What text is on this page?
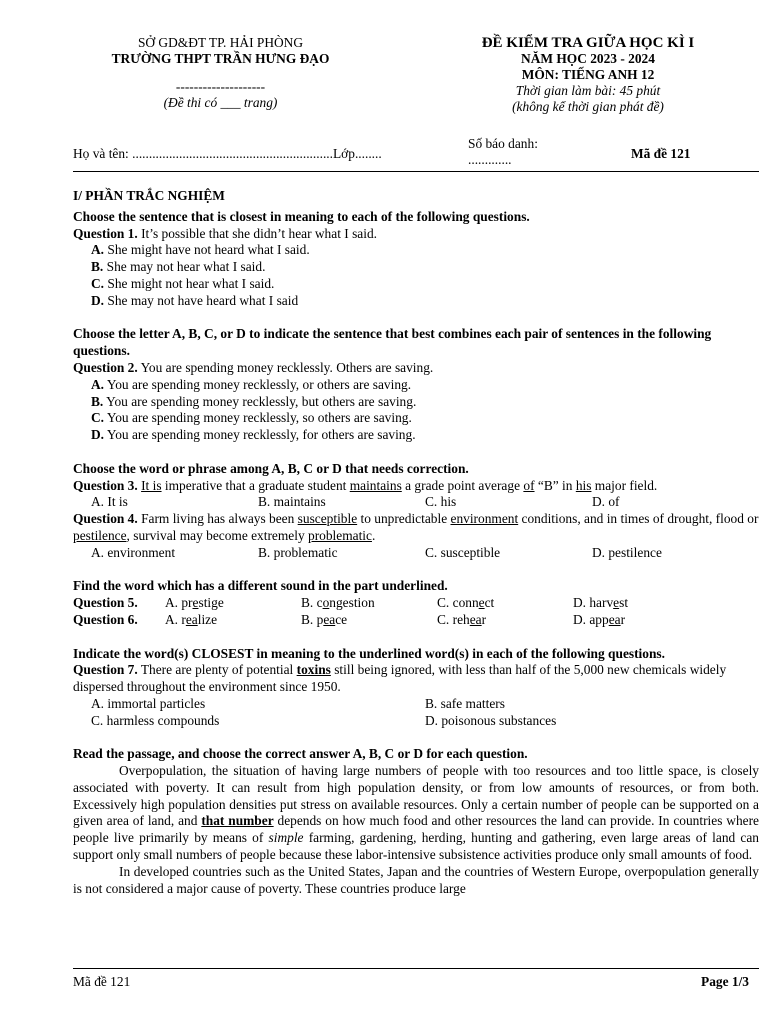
SỞ GD&ĐT TP. HẢI PHÒNG
TRƯỜNG THPT TRẦN HƯNG ĐẠO
--------------------
(Đề thi có ___ trang)
ĐỀ KIỂM TRA GIỮA HỌC KÌ I
NĂM HỌC 2023 - 2024
MÔN: TIẾNG ANH 12
Thời gian làm bài: 45 phút
(không kể thời gian phát đề)
Họ và tên: ............................................................Lớp........
Số báo danh:
.............	Mã đề 121

I/ PHẦN TRẮC NGHIỆM

Choose the sentence that is closest in meaning to each of the following questions.

Question 1. It’s possible that she didn’t hear what I said.

A. She might have not heard what I said.

B. She may not hear what I said.

C. She might not hear what I said.

D. She may not have heard what I said

Choose the letter A, B, C, or D to indicate the sentence that best combines each pair of sentences in the following questions.

Question 2. You are spending money recklessly. Others are saving.

A. You are spending money recklessly, or others are saving.

B. You are spending money recklessly, but others are saving.

C. You are spending money recklessly, so others are saving.

D. You are spending money recklessly, for others are saving.

Choose the word or phrase among A, B, C or D that needs correction.

Question 3. It is imperative that a graduate student maintains a grade point average of “B” in his major field.

A. It is	B. maintains	C. his	D. of

Question 4. Farm living has always been susceptible to unpredictable environment conditions, and in times of drought, flood or pestilence, survival may become extremely problematic.

A. environment	B. problematic	C. susceptible	D. pestilence

Find the word which has a different sound in the part underlined.

Question 5.	A. prestige	B. congestion	C. connect	D. harvest
Question 6.	A. realize	B. peace	C. rehear	D. appear

Indicate the word(s) CLOSEST in meaning to the underlined word(s) in each of the following questions.

Question 7. There are plenty of potential toxins still being ignored, with less than half of the 5,000 new chemicals widely dispersed throughout the environment since 1950.

A. immortal particles	B. safe matters
C. harmless compounds	D. poisonous substances

Read the passage, and choose the correct answer A, B, C or D for each question.

Overpopulation, the situation of having large numbers of people with too resources and too little space, is closely associated with poverty. It can result from high population density, or from low amounts of resources, or from both. Excessively high population densities put stress on available resources. Only a certain number of people can be supported on a given area of land, and that number depends on how much food and other resources the land can provide. In countries where people live primarily by means of simple farming, gardening, herding, hunting and gathering, even large areas of land can support only small numbers of people because these labor-intensive subsistence activities produce only small amounts of food.

In developed countries such as the United States, Japan and the countries of Western Europe, overpopulation generally is not considered a major cause of poverty. These countries produce large

Mã đề 121	Page 1/3
